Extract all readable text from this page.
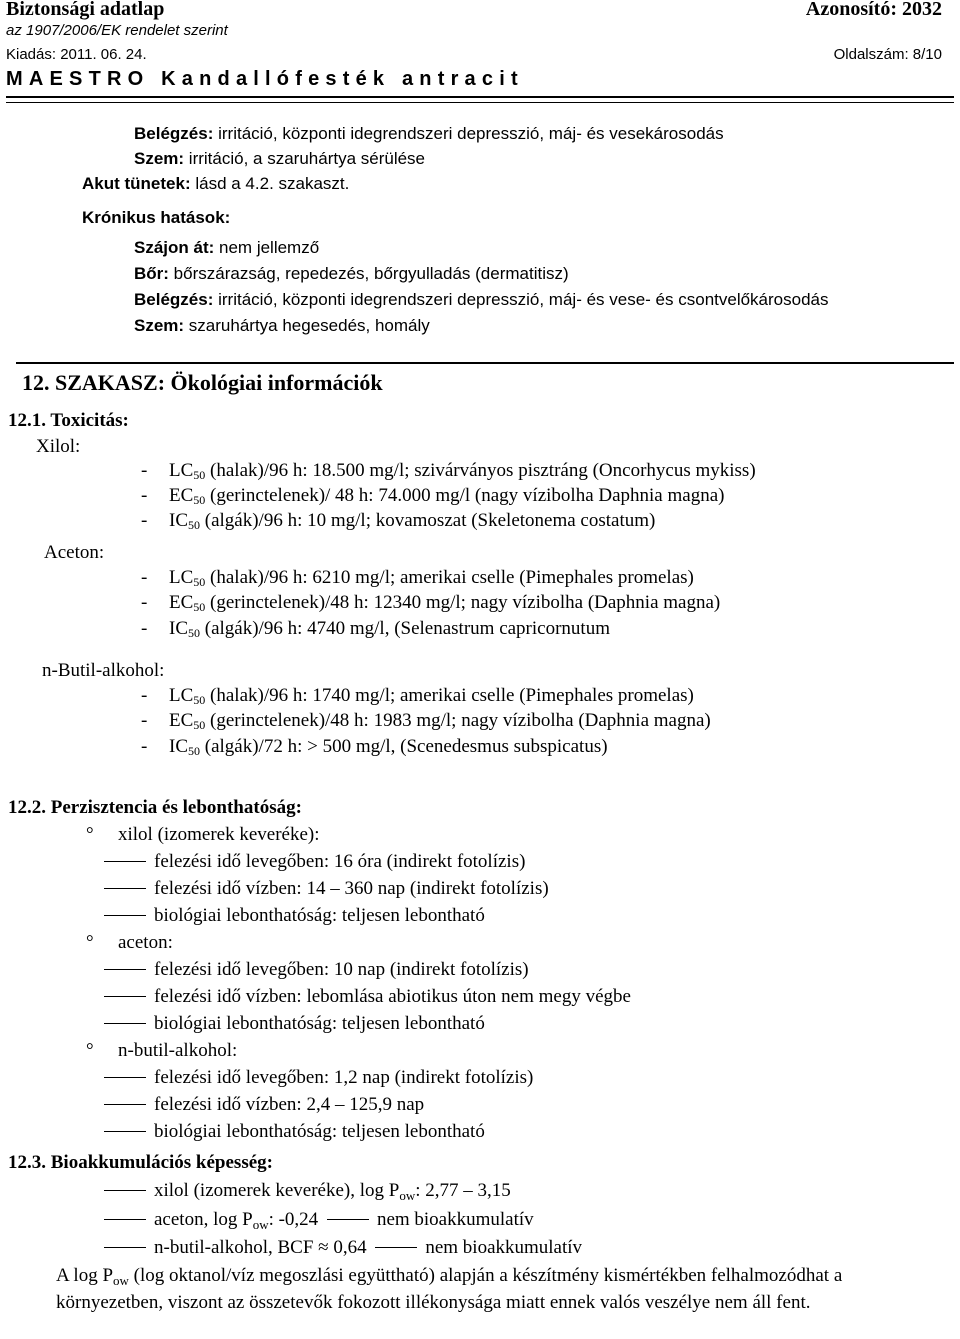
Biztonsági adatlap	Azonosító: 2032
az 1907/2006/EK rendelet szerint
Kiadás: 2011. 06. 24.	Oldalszám: 8/10
MAESTRO Kandallófesték antracit
Belégzés: irritáció, központi idegrendszeri depresszió, máj- és vesekárosodás
Szem: irritáció, a szaruhártya sérülése
Akut tünetek: lásd a 4.2. szakaszt.
Krónikus hatások:
Szájon át: nem jellemző
Bőr: bőrszárazság, repedezés, bőrgyulladás (dermatitisz)
Belégzés: irritáció, központi idegrendszeri depresszió, máj- és vese- és csontvelőkárosodás
Szem: szaruhártya hegesedés, homály
12. SZAKASZ: Ökológiai információk
12.1. Toxicitás:
Xilol:
- $LC_{50}$ (halak)/96 h: 18.500 mg/l; szivárványos pisztráng (Oncorhycus mykiss)
- $EC_{50}$ (gerinctelenek)/ 48 h: 74.000 mg/l (nagy vízibolha Daphnia magna)
- $IC_{50}$ (algák)/96 h: 10 mg/l; kovamoszat (Skeletonema costatum)
Aceton:
- $LC_{50}$ (halak)/96 h: 6210 mg/l; amerikai cselle (Pimephales promelas)
- $EC_{50}$ (gerinctelenek)/48 h: 12340 mg/l; nagy vízibolha (Daphnia magna)
- $IC_{50}$ (algák)/96 h: 4740 mg/l, (Selenastrum capricornutum
n-Butil-alkohol:
- $LC_{50}$ (halak)/96 h: 1740 mg/l; amerikai cselle (Pimephales promelas)
- $EC_{50}$ (gerinctelenek)/48 h: 1983 mg/l; nagy vízibolha (Daphnia magna)
- $IC_{50}$ (algák)/72 h: > 500 mg/l, (Scenedesmus subspicatus)
12.2. Perzisztencia és lebonthatóság:
° xilol (izomerek keveréke):
felezési idő levegőben: 16 óra (indirekt fotolízis)
felezési idő vízben: 14 – 360 nap (indirekt fotolízis)
biológiai lebonthatóság: teljesen lebontható
° aceton:
felezési idő levegőben: 10 nap (indirekt fotolízis)
felezési idő vízben: lebomlása abiotikus úton nem megy végbe
biológiai lebonthatóság: teljesen lebontható
° n-butil-alkohol:
felezési idő levegőben: 1,2 nap (indirekt fotolízis)
felezési idő vízben: 2,4 – 125,9 nap
biológiai lebonthatóság: teljesen lebontható
12.3. Bioakkumulációs képesség:
xilol (izomerek keveréke), $\log P_{ow}$: 2,77 – 3,15
aceton, $\log P_{ow}$: -0,24	nem bioakkumulatív
n-butil-alkohol, BCF ≈ 0,64	nem bioakkumulatív
A $\log P_{ow}$ (log oktanol/víz megoszlási együttható) alapján a készítmény kismértékben felhalmozódhat a
környezetben, viszont az összetevők fokozott illékonysága miatt ennek valós veszélye nem áll fent.
